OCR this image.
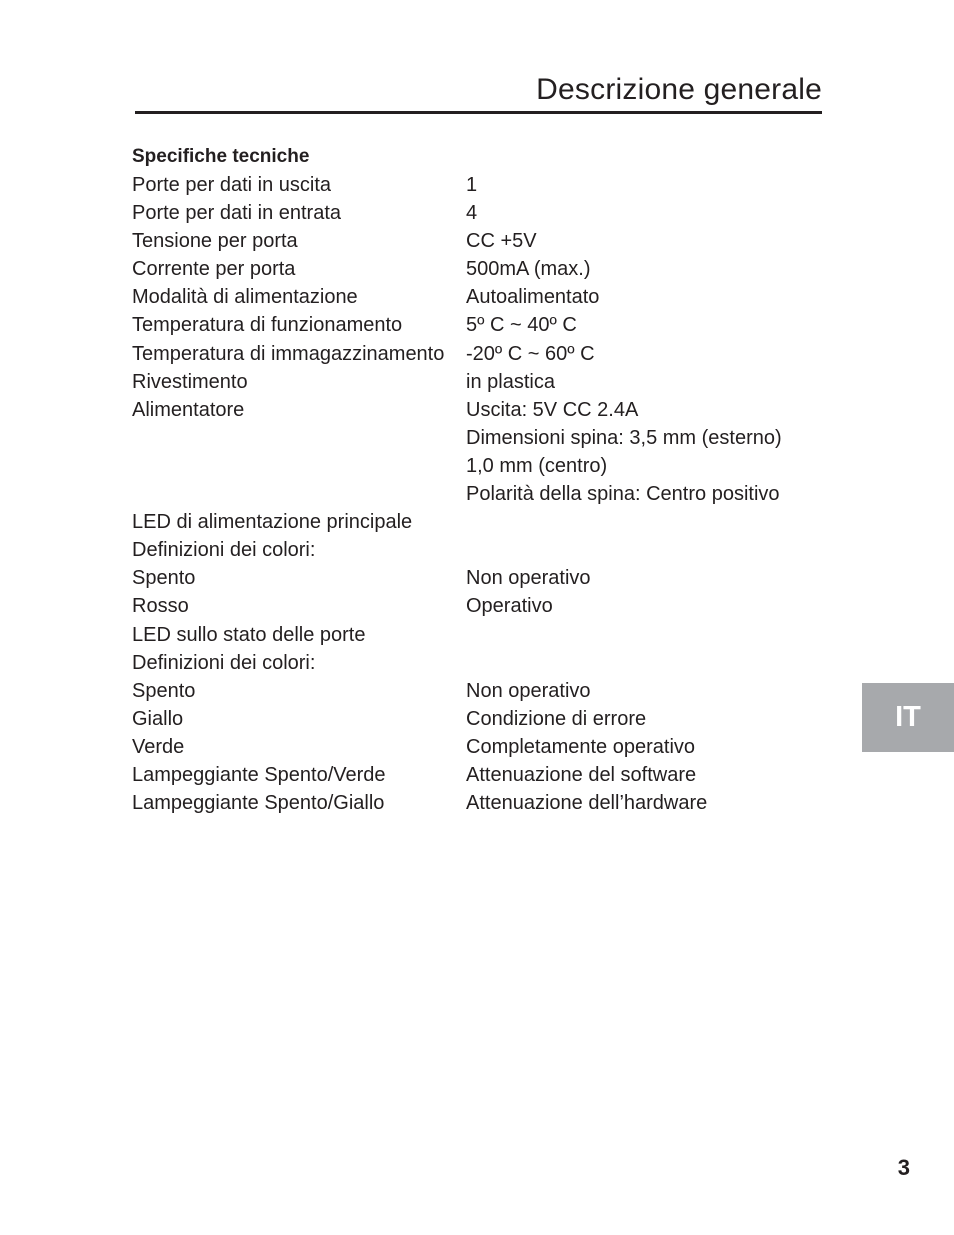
Descrizione generale
Specifiche tecniche
Porte per dati in uscita	1
Porte per dati in entrata	4
Tensione per porta	CC +5V
Corrente per porta	500mA (max.)
Modalità di alimentazione	Autoalimentato
Temperatura di funzionamento	5º C ~ 40º C
Temperatura di immagazzinamento -20º C ~ 60º C
Rivestimento	in plastica
Alimentatore	Uscita: 5V CC 2.4A
Dimensioni spina: 3,5 mm (esterno)
1,0 mm (centro)
Polarità della spina: Centro positivo
LED di alimentazione principale
Definizioni dei colori:
Spento	Non operativo
Rosso	Operativo
LED sullo stato delle porte
Definizioni dei colori:
Spento	Non operativo
Giallo	Condizione di errore
Verde	Completamente operativo
Lampeggiante Spento/Verde	Attenuazione del software
Lampeggiante Spento/Giallo	Attenuazione dell’hardware
IT
3
